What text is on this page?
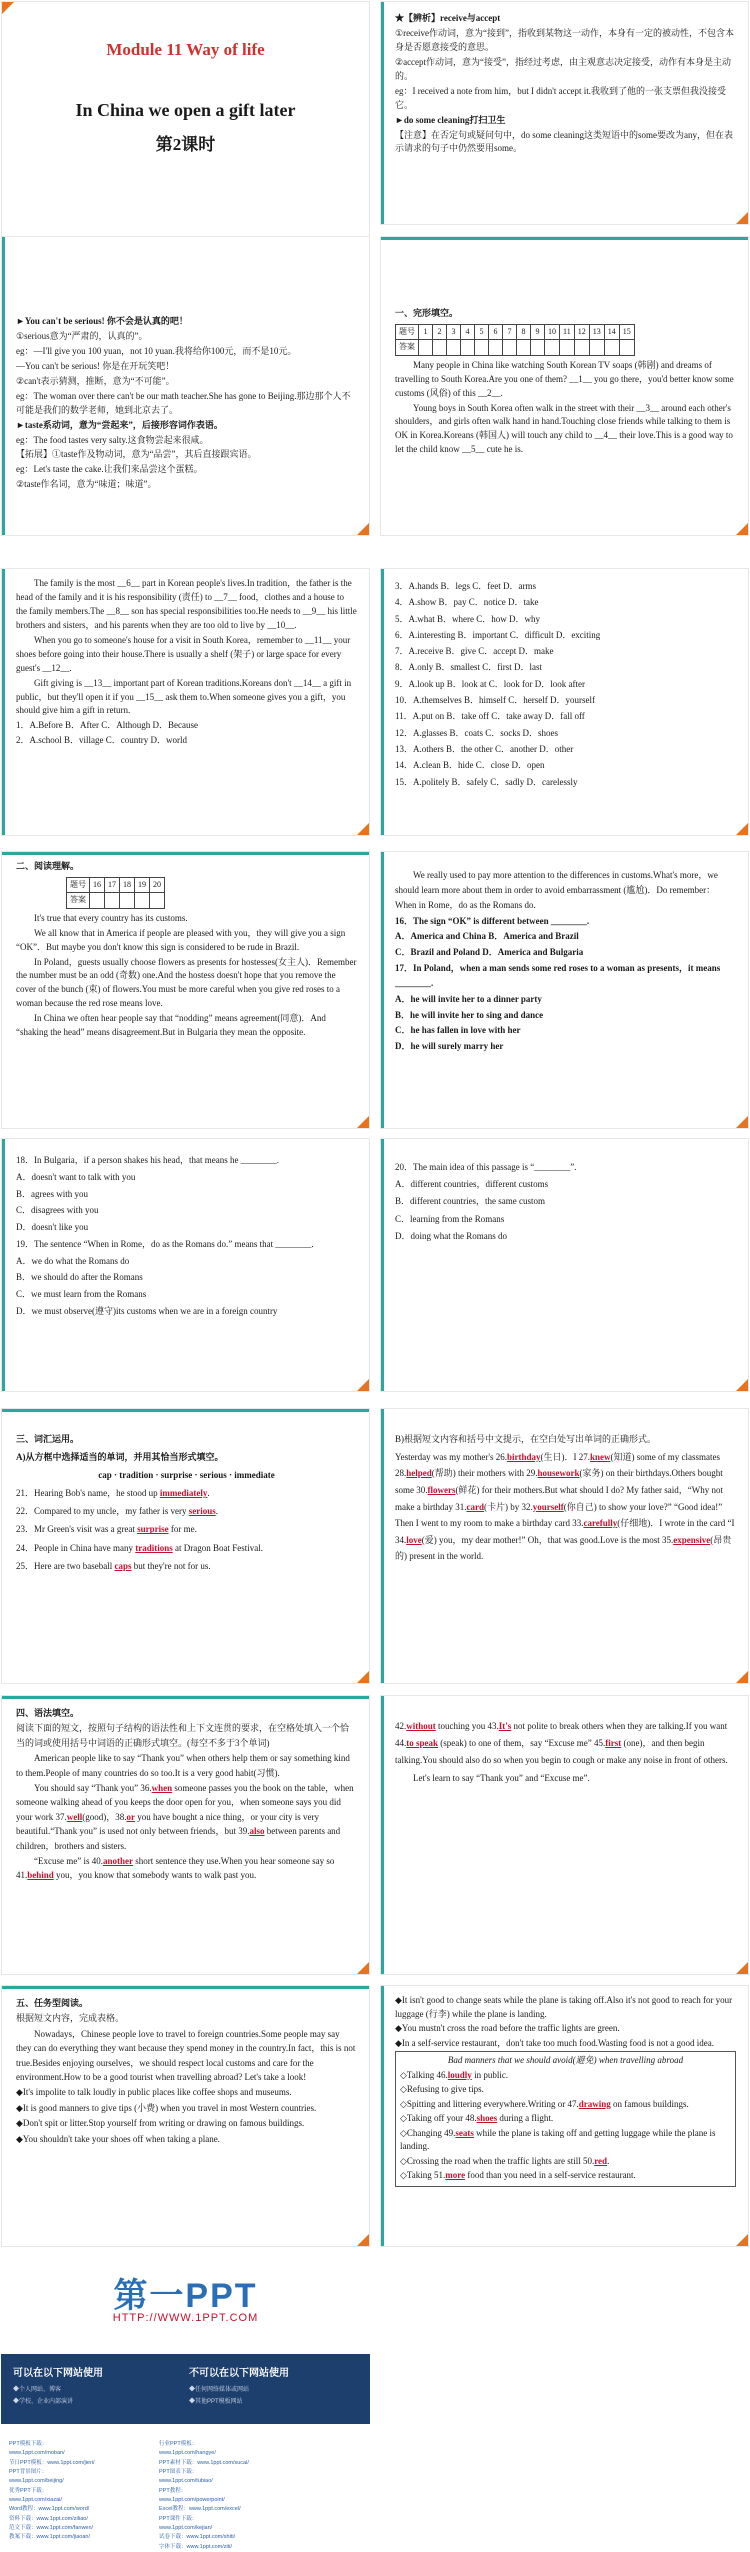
Module 11 Way of life
In China we open a gift later
第2课时

★【辨析】receive与accept

①receive作动词，意为“接到”，指收到某物这一动作，本身有一定的被动性，不包含本身是否愿意接受的意思。

②accept作动词，意为“接受”，指经过考虑，由主观意志决定接受，动作有本身是主动的。

eg：I received a note from him，but I didn't accept it.我收到了他的一张支票但我没接受它。

►do some cleaning打扫卫生

【注意】在否定句或疑问句中，do some cleaning这类短语中的some要改为any，但在表示请求的句子中仍然要用some。

►You can't be serious! 你不会是认真的吧！

①serious意为“严肃的，认真的”。

eg：—I'll give you 100 yuan，not 10 yuan.我将给你100元，而不是10元。

—You can't be serious! 你是在开玩笑吧！

②can't表示猜测，推断，意为“不可能”。

eg：The woman over there can't be our math teacher.She has gone to Beijing.那边那个人不可能是我们的数学老师，她到北京去了。

►taste系动词，意为“尝起来”，后接形容词作表语。

eg：The food tastes very salty.这食物尝起来很咸。

【拓展】①taste作及物动词，意为“品尝”，其后直接跟宾语。

eg：Let's taste the cake.让我们来品尝这个蛋糕。

②taste作名词，意为“味道；味道”。

一、完形填空。

题号	1	2	3	4	5	6	7	8	9	10	11	12	13	14	15
答案															

Many people in China like watching South Korean TV soaps (韩剧) and dreams of travelling to South Korea.Are you one of them? __1__ you go there，you'd better know some customs (风俗) of this __2__.

Young boys in South Korea often walk in the street with their __3__ around each other's shoulders，and girls often walk hand in hand.Touching close friends while talking to them is OK in Korea.Koreans (韩国人) will touch any child to __4__ their love.This is a good way to let the child know __5__ cute he is.

The family is the most __6__ part in Korean people's lives.In tradition，the father is the head of the family and it is his responsibility (责任) to __7__ food，clothes and a house to the family members.The __8__ son has special responsibilities too.He needs to __9__ his little brothers and sisters，and his parents when they are too old to live by __10__.

When you go to someone's house for a visit in South Korea，remember to __11__ your shoes before going into their house.There is usually a shelf (架子) or large space for every guest's __12__.

Gift giving is __13__ important part of Korean traditions.Koreans don't __14__ a gift in public，but they'll open it if you __15__ ask them to.When someone gives you a gift，you should give him a gift in return.

1．A.Before B．After C．Although D．Because

2．A.school B．village C．country D．world

3．A.hands B．legs C．feet D．arms

4．A.show B．pay C．notice D．take

5．A.what B．where C．how D．why

6．A.interesting B．important C．difficult D．exciting

7．A.receive B．give C．accept D．make

8．A.only B．smallest C．first D．last

9．A.look up B．look at C．look for D．look after

10．A.themselves B．himself C．herself D．yourself

11．A.put on B．take off C．take away D．fall off

12．A.glasses B．coats C．socks D．shoes

13．A.others B．the other C．another D．other

14．A.clean B．hide C．close D．open

15．A.politely B．safely C．sadly D．carelessly

二、阅读理解。

题号	16	17	18	19	20
答案					

It's true that every country has its customs.

We all know that in America if people are pleased with you，they will give you a sign “OK”．But maybe you don't know this sign is considered to be rude in Brazil.

In Poland，guests usually choose flowers as presents for hostesses(女主人)．Remember the number must be an odd (奇数) one.And the hostess doesn't hope that you remove the cover of the bunch (束) of flowers.You must be more careful when you give red roses to a woman because the red rose means love.

In China we often hear people say that “nodding” means agreement(同意)．And “shaking the head” means disagreement.But in Bulgaria they mean the opposite.

We really used to pay more attention to the differences in customs.What's more，we should learn more about them in order to avoid embarrassment (尴尬)．Do remember：When in Rome，do as the Romans do.

16．The sign “OK” is different between ________.

A．America and China B．America and Brazil

C．Brazil and Poland D．America and Bulgaria

17．In Poland，when a man sends some red roses to a woman as presents，it means ________.

A．he will invite her to a dinner party

B．he will invite her to sing and dance

C．he has fallen in love with her

D．he will surely marry her

18．In Bulgaria，if a person shakes his head，that means he ________.

A．doesn't want to talk with you

B．agrees with you

C．disagrees with you

D．doesn't like you

19．The sentence “When in Rome，do as the Romans do.” means that ________.

A．we do what the Romans do

B．we should do after the Romans

C．we must learn from the Romans

D．we must observe(遵守)its customs when we are in a foreign country

20．The main idea of this passage is “________”.

A．different countries，different customs

B．different countries，the same custom

C．learning from the Romans

D．doing what the Romans do

三、词汇运用。

A)从方框中选择适当的单词，并用其恰当形式填空。

cap · tradition · surprise · serious · immediate

21．Hearing Bob's name，he stood up immediately.

22．Compared to my uncle，my father is very serious.

23．Mr Green's visit was a great surprise for me.

24．People in China have many traditions at Dragon Boat Festival.

25．Here are two baseball caps but they're not for us.

B)根据短文内容和括号中文提示，在空白处写出单词的正确形式。

Yesterday was my mother's 26.birthday(生日)．I 27.knew(知道) some of my classmates 28.helped(帮助) their mothers with 29.housework(家务) on their birthdays.Others bought some 30.flowers(鲜花) for their mothers.But what should I do? My father said，“Why not make a birthday 31.card(卡片) by 32.yourself(你自己) to show your love?” “Good idea!” Then I went to my room to make a birthday card 33.carefully(仔细地)．I wrote in the card “I 34.love(爱) you，my dear mother!” Oh，that was good.Love is the most 35.expensive(昂贵的) present in the world.

四、语法填空。

阅读下面的短文，按照句子结构的语法性和上下文连贯的要求，在空格处填入一个恰当的词或使用括号中词语的正确形式填空。(每空不多于3个单词)

American people like to say “Thank you” when others help them or say something kind to them.People of many countries do so too.It is a very good habit(习惯).

You should say “Thank you” 36.when someone passes you the book on the table，when someone walking ahead of you keeps the door open for you，when someone says you did your work 37.well(good)，38.or you have bought a nice thing，or your city is very beautiful.“Thank you” is used not only between friends，but 39.also between parents and children，brothers and sisters.

“Excuse me” is 40.another short sentence they use.When you hear someone say so 41.behind you，you know that somebody wants to walk past you.

42.without touching you 43.It's not polite to break others when they are talking.If you want 44.to speak (speak) to one of them，say “Excuse me” 45.first (one)，and then begin talking.You should also do so when you begin to cough or make any noise in front of others.

Let's learn to say “Thank you” and “Excuse me”.

五、任务型阅读。

根据短文内容，完成表格。

Nowadays，Chinese people love to travel to foreign countries.Some people may say they can do everything they want because they spend money in the country.In fact，this is not true.Besides enjoying ourselves，we should respect local customs and care for the environment.How to be a good tourist when travelling abroad? Let's take a look!

◆It's impolite to talk loudly in public places like coffee shops and museums.

◆It is good manners to give tips (小费) when you travel in most Western countries.

◆Don't spit or litter.Stop yourself from writing or drawing on famous buildings.

◆You shouldn't take your shoes off when taking a plane.

◆It isn't good to change seats while the plane is taking off.Also it's not good to reach for your luggage (行李) while the plane is landing.

◆You mustn't cross the road before the traffic lights are green.

◆In a self-service restaurant，don't take too much food.Wasting food is not a good idea.

Bad manners that we should avoid(避免) when travelling abroad

◇Talking 46.loudly in public.

◇Refusing to give tips.

◇Spitting and littering everywhere.Writing or 47.drawing on famous buildings.

◇Taking off your 48.shoes during a flight.

◇Changing 49.seats while the plane is taking off and getting luggage while the plane is landing.

◇Crossing the road when the traffic lights are still 50.red.

◇Taking 51.more food than you need in a self-service restaurant.

第一PPT
HTTP://WWW.1PPT.COM
可以在以下网站使用	不可以在以下网站使用
◆个人网站、博客
◆学校、企业内部演讲
◆任何网络媒体或网站
◆其他PPT模板网站
PPT模板下载：www.1ppt.com/moban/
节日PPT模板：www.1ppt.com/jieri/
PPT背景图片：www.1ppt.com/beijing/
优秀PPT下载：www.1ppt.com/xiazai/
Word教程：www.1ppt.com/word/
资料下载：www.1ppt.com/ziliao/
范文下载：www.1ppt.com/fanwen/
教案下载：www.1ppt.com/jiaoan/
行业PPT模板：www.1ppt.com/hangye/
PPT素材下载：www.1ppt.com/sucai/
PPT图表下载：www.1ppt.com/tubiao/
PPT教程：www.1ppt.com/powerpoint/
Excel教程：www.1ppt.com/excel/
PPT课件下载：www.1ppt.com/kejian/
试卷下载：www.1ppt.com/shiti/
字体下载：www.1ppt.com/ziti/
